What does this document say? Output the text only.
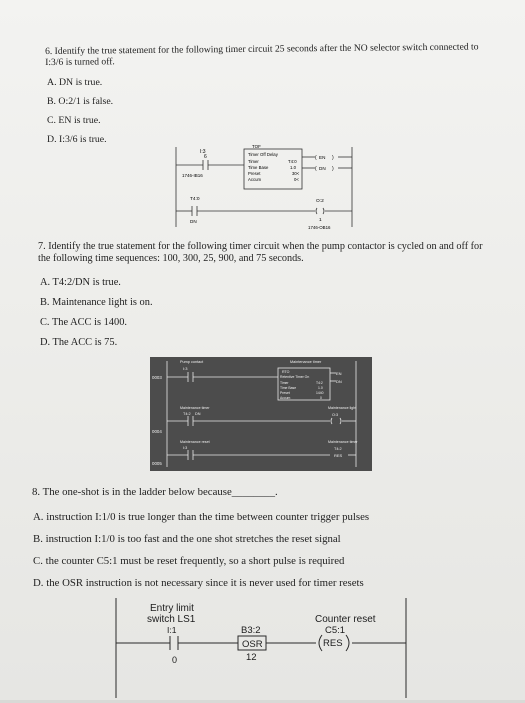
6. Identify the true statement for the following timer circuit 25 seconds after the NO selector switch connected to I:3/6 is turned off.
A. DN is true.
B. O:2/1 is false.
C. EN is true.
D. I:3/6 is true.
I:3
6
1746-IB16
TOF
Timer Off Delay
Timer	T4:0
Time Base	1.0
Preset	30<
Accum	0<
( EN )
( DN )
T4:0
DN
O:2
1
1746-OB16
7. Identify the true statement for the following timer circuit when the pump contactor is cycled on and off for the following time sequences: 100, 300, 25, 900, and 75 seconds.
A. T4:2/DN is true.
B. Maintenance light is on.
C. The ACC is 1400.
D. The ACC is 75.
0003
0004
0005
Pump contact
I:3
Maintenance timer
RTO
Retentive Timer On
Timer	T4:2
Time Base	1.0
Preset	1440
Accum	0
EN
DN
Maintenance timer
T4:2 DN
Maintenance light
O:3
Maintenance reset
I:3
Maintenance timer
T4:2
RES
8. The one-shot is in the ladder below because________.
A. instruction I:1/0 is true longer than the time between counter trigger pulses
B. instruction I:1/0 is too fast and the one shot stretches the reset signal
C. the counter C5:1 must be reset frequently, so a short pulse is required
D. the OSR instruction is not necessary since it is never used for timer resets
Entry limit
switch LS1
I:1
0
B3:2
OSR
12
Counter reset
C5:1
RES
